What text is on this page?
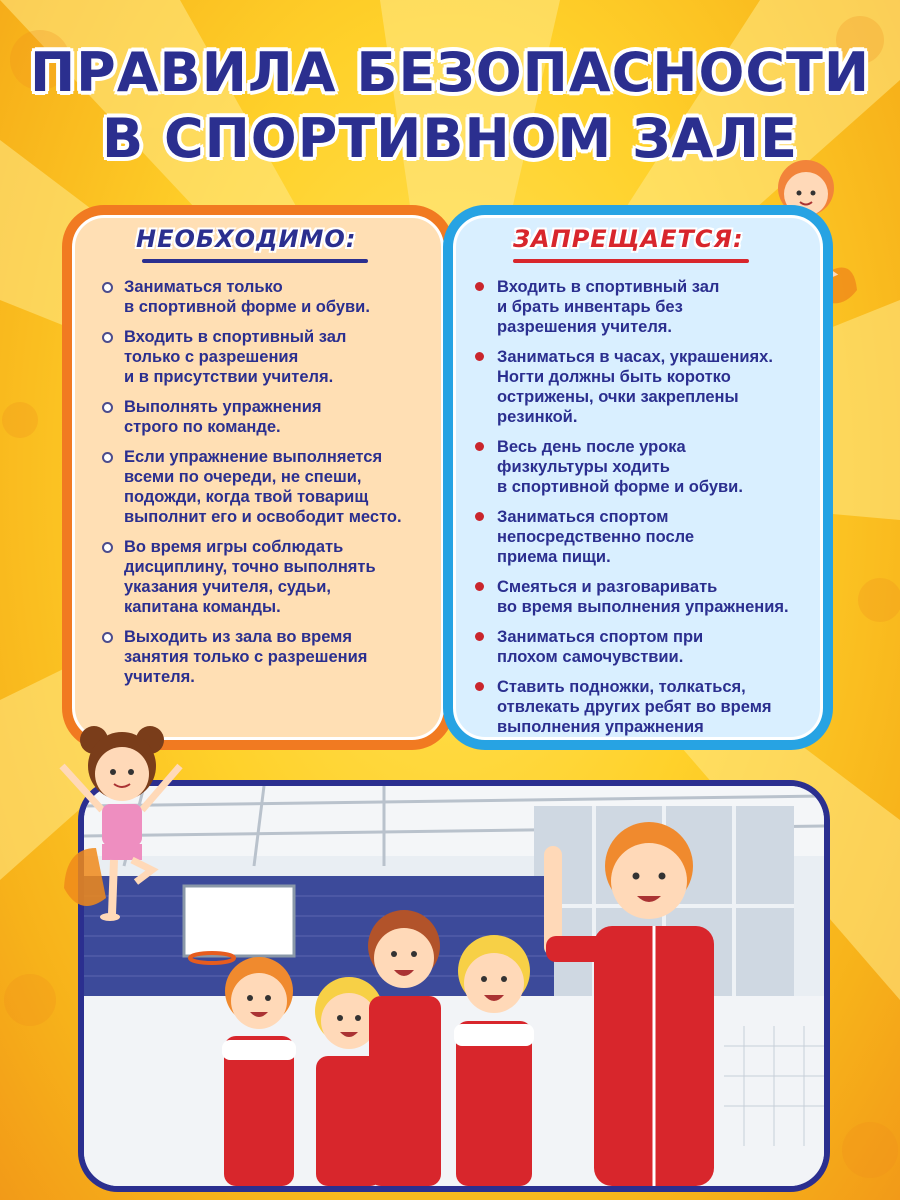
ПРАВИЛА БЕЗОПАСНОСТИ
В СПОРТИВНОМ ЗАЛЕ
НЕОБХОДИМО:
Заниматься только
в спортивной форме и обуви.
Входить в спортивный зал
только с разрешения
и в присутствии учителя.
Выполнять упражнения
строго по команде.
Если упражнение выполняется
всеми по очереди, не спеши,
подожди, когда твой товарищ
выполнит его и освободит место.
Во время игры соблюдать
дисциплину, точно выполнять
указания учителя, судьи,
капитана команды.
Выходить из зала во время
занятия только с разрешения
учителя.
ЗАПРЕЩАЕТСЯ:
Входить в спортивный зал
и брать инвентарь без
разрешения учителя.
Заниматься в часах, украшениях.
Ногти должны быть коротко
острижены, очки закреплены
резинкой.
Весь день после урока
физкультуры ходить
в спортивной форме и обуви.
Заниматься спортом
непосредственно после
приема пищи.
Смеяться и разговаривать
во время выполнения упражнения.
Заниматься спортом при
плохом самочувствии.
Ставить подножки, толкаться,
отвлекать других ребят во время
выполнения упражнения
